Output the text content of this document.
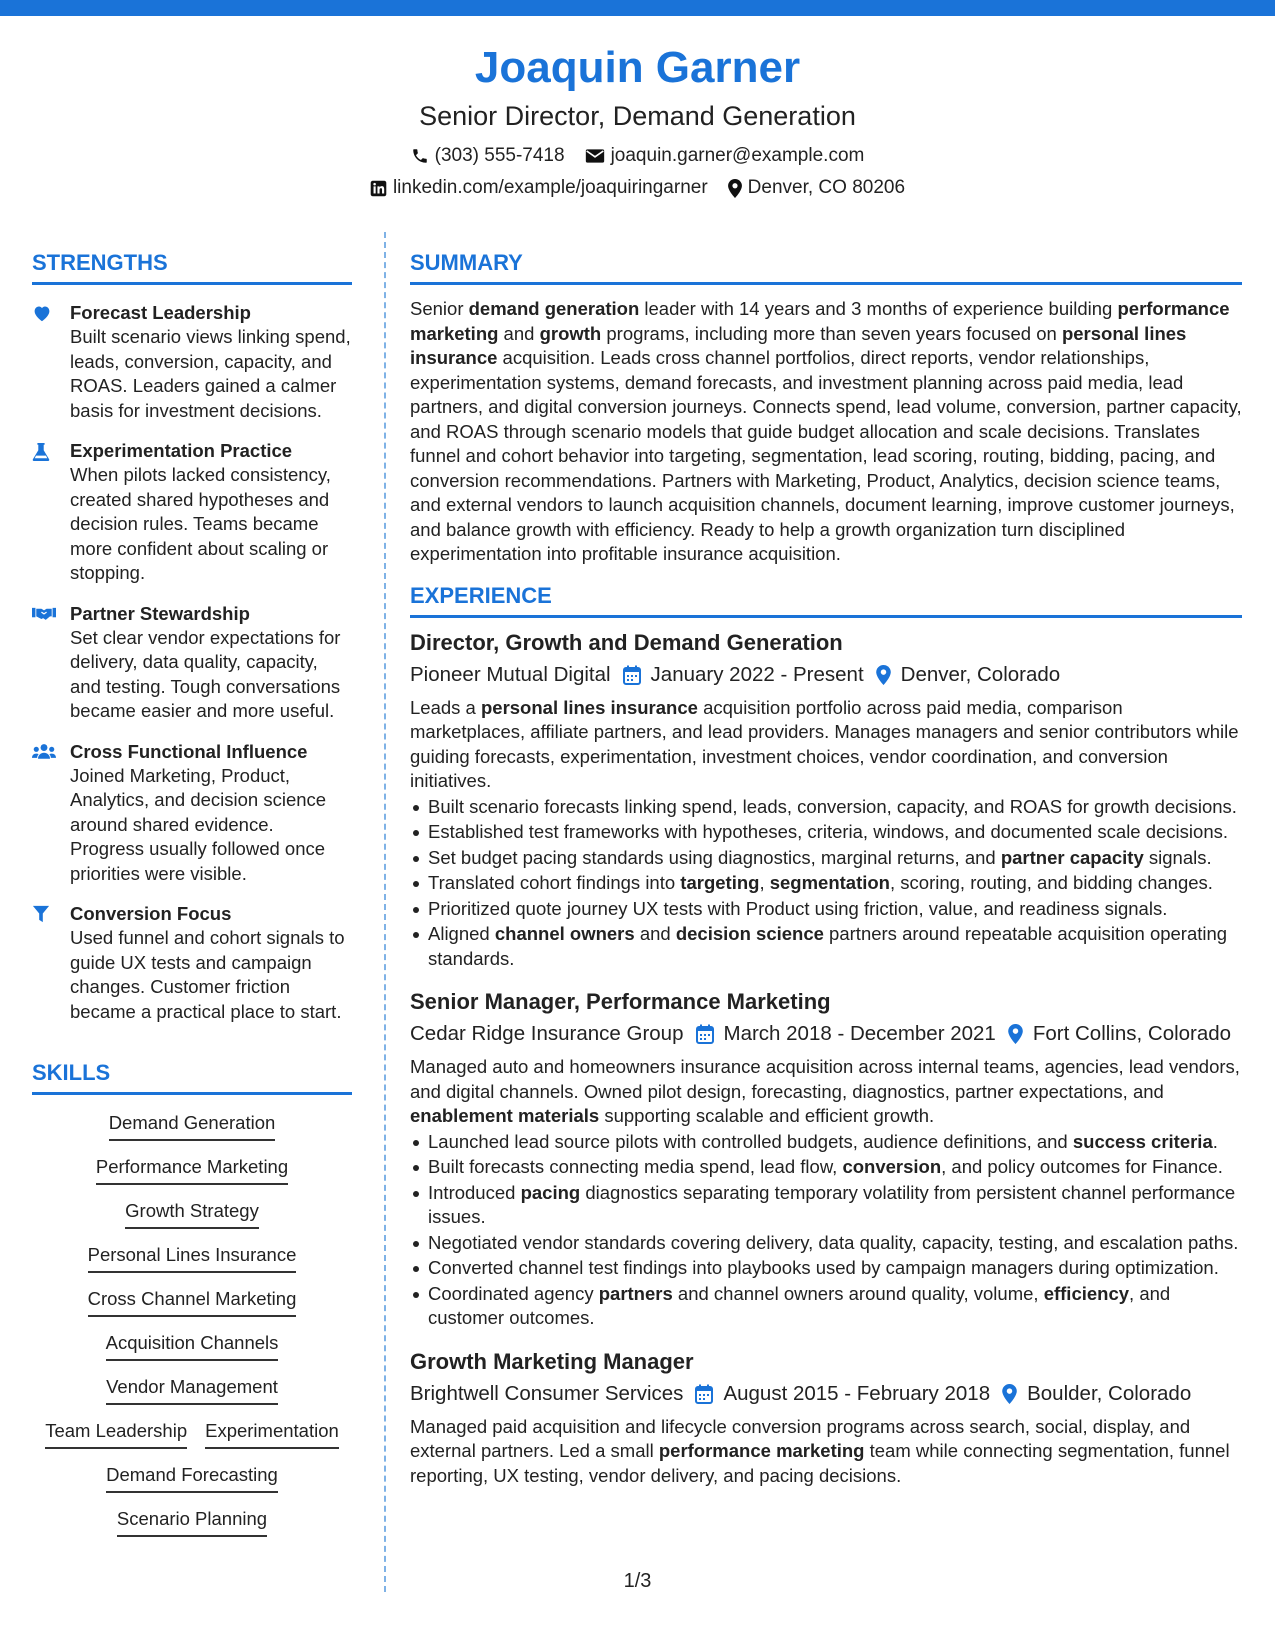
Joaquin Garner
Senior Director, Demand Generation
(303) 555-7418 joaquin.garner@example.com
linkedin.com/example/joaquiringarner Denver, CO 80206
STRENGTHS
Forecast Leadership
Built scenario views linking spend, leads, conversion, capacity, and ROAS. Leaders gained a calmer basis for investment decisions.
Experimentation Practice
When pilots lacked consistency, created shared hypotheses and decision rules. Teams became more confident about scaling or stopping.
Partner Stewardship
Set clear vendor expectations for delivery, data quality, capacity, and testing. Tough conversations became easier and more useful.
Cross Functional Influence
Joined Marketing, Product, Analytics, and decision science around shared evidence. Progress usually followed once priorities were visible.
Conversion Focus
Used funnel and cohort signals to guide UX tests and campaign changes. Customer friction became a practical place to start.
SKILLS
Demand Generation
Performance Marketing
Growth Strategy
Personal Lines Insurance
Cross Channel Marketing
Acquisition Channels
Vendor Management
Team Leadership Experimentation
Demand Forecasting
Scenario Planning
SUMMARY
Senior demand generation leader with 14 years and 3 months of experience building performance marketing and growth programs, including more than seven years focused on personal lines insurance acquisition. Leads cross channel portfolios, direct reports, vendor relationships, experimentation systems, demand forecasts, and investment planning across paid media, lead partners, and digital conversion journeys. Connects spend, lead volume, conversion, partner capacity, and ROAS through scenario models that guide budget allocation and scale decisions. Translates funnel and cohort behavior into targeting, segmentation, lead scoring, routing, bidding, pacing, and conversion recommendations. Partners with Marketing, Product, Analytics, decision science teams, and external vendors to launch acquisition channels, document learning, improve customer journeys, and balance growth with efficiency. Ready to help a growth organization turn disciplined experimentation into profitable insurance acquisition.
EXPERIENCE
Director, Growth and Demand Generation
Pioneer Mutual Digital January 2022 - Present Denver, Colorado
Leads a personal lines insurance acquisition portfolio across paid media, comparison marketplaces, affiliate partners, and lead providers. Manages managers and senior contributors while guiding forecasts, experimentation, investment choices, vendor coordination, and conversion initiatives.
Built scenario forecasts linking spend, leads, conversion, capacity, and ROAS for growth decisions.
Established test frameworks with hypotheses, criteria, windows, and documented scale decisions.
Set budget pacing standards using diagnostics, marginal returns, and partner capacity signals.
Translated cohort findings into targeting, segmentation, scoring, routing, and bidding changes.
Prioritized quote journey UX tests with Product using friction, value, and readiness signals.
Aligned channel owners and decision science partners around repeatable acquisition operating standards.
Senior Manager, Performance Marketing
Cedar Ridge Insurance Group March 2018 - December 2021 Fort Collins, Colorado
Managed auto and homeowners insurance acquisition across internal teams, agencies, lead vendors, and digital channels. Owned pilot design, forecasting, diagnostics, partner expectations, and enablement materials supporting scalable and efficient growth.
Launched lead source pilots with controlled budgets, audience definitions, and success criteria.
Built forecasts connecting media spend, lead flow, conversion, and policy outcomes for Finance.
Introduced pacing diagnostics separating temporary volatility from persistent channel performance issues.
Negotiated vendor standards covering delivery, data quality, capacity, testing, and escalation paths.
Converted channel test findings into playbooks used by campaign managers during optimization.
Coordinated agency partners and channel owners around quality, volume, efficiency, and customer outcomes.
Growth Marketing Manager
Brightwell Consumer Services August 2015 - February 2018 Boulder, Colorado
Managed paid acquisition and lifecycle conversion programs across search, social, display, and external partners. Led a small performance marketing team while connecting segmentation, funnel reporting, UX testing, vendor delivery, and pacing decisions.
1/3
